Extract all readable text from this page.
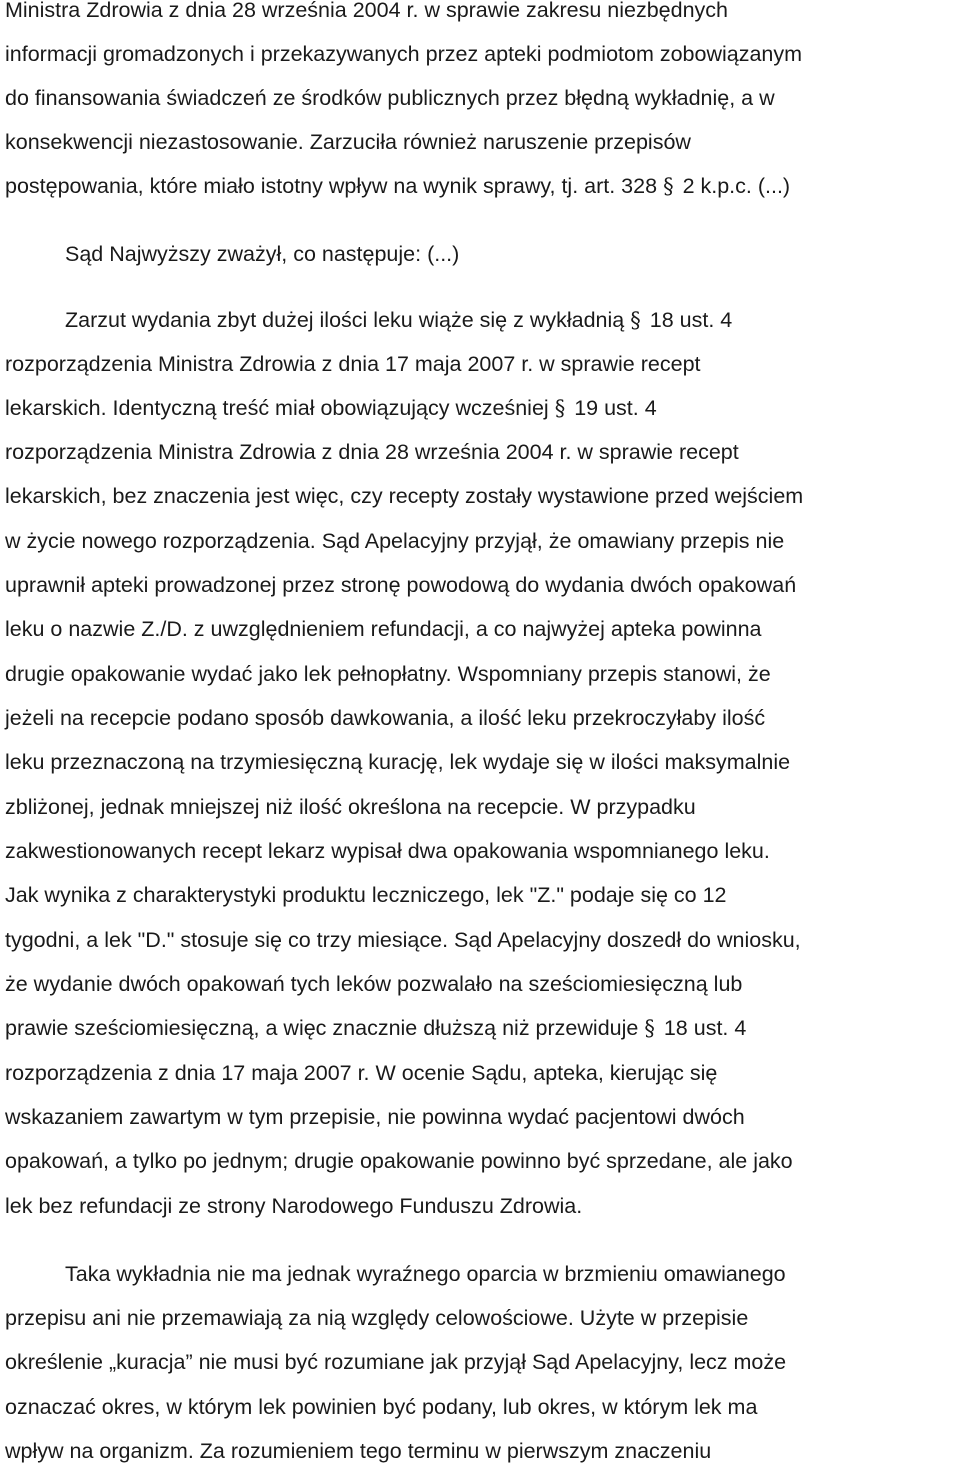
Ministra Zdrowia z dnia 28 września 2004 r. w sprawie zakresu niezbędnych
informacji gromadzonych i przekazywanych przez apteki podmiotom zobowiązanym
do finansowania świadczeń ze środków publicznych przez błędną wykładnię, a w
konsekwencji niezastosowanie. Zarzuciła również naruszenie przepisów
postępowania, które miało istotny wpływ na wynik sprawy, tj. art. 328 § 2 k.p.c. (...)
Sąd Najwyższy zważył, co następuje: (...)
Zarzut wydania zbyt dużej ilości leku wiąże się z wykładnią § 18 ust. 4
rozporządzenia Ministra Zdrowia z dnia 17 maja 2007 r. w sprawie recept
lekarskich. Identyczną treść miał obowiązujący wcześniej § 19 ust. 4
rozporządzenia Ministra Zdrowia z dnia 28 września 2004 r. w sprawie recept
lekarskich, bez znaczenia jest więc, czy recepty zostały wystawione przed wejściem
w życie nowego rozporządzenia. Sąd Apelacyjny przyjął, że omawiany przepis nie
uprawnił apteki prowadzonej przez stronę powodową do wydania dwóch opakowań
leku o nazwie Z./D. z uwzględnieniem refundacji, a co najwyżej apteka powinna
drugie opakowanie wydać jako lek pełnopłatny. Wspomniany przepis stanowi, że
jeżeli na recepcie podano sposób dawkowania, a ilość leku przekroczyłaby ilość
leku przeznaczoną na trzymiesięczną kurację, lek wydaje się w ilości maksymalnie
zbliżonej, jednak mniejszej niż ilość określona na recepcie. W przypadku
zakwestionowanych recept lekarz wypisał dwa opakowania wspomnianego leku.
Jak wynika z charakterystyki produktu leczniczego, lek "Z." podaje się co 12
tygodni, a lek "D." stosuje się co trzy miesiące. Sąd Apelacyjny doszedł do wniosku,
że wydanie dwóch opakowań tych leków pozwalało na sześciomiesięczną lub
prawie sześciomiesięczną, a więc znacznie dłuższą niż przewiduje § 18 ust. 4
rozporządzenia z dnia 17 maja 2007 r. W ocenie Sądu, apteka, kierując się
wskazaniem zawartym w tym przepisie, nie powinna wydać pacjentowi dwóch
opakowań, a tylko po jednym; drugie opakowanie powinno być sprzedane, ale jako
lek bez refundacji ze strony Narodowego Funduszu Zdrowia.
Taka wykładnia nie ma jednak wyraźnego oparcia w brzmieniu omawianego
przepisu ani nie przemawiają za nią względy celowościowe. Użyte w przepisie
określenie „kuracja” nie musi być rozumiane jak przyjął Sąd Apelacyjny, lecz może
oznaczać okres, w którym lek powinien być podany, lub okres, w którym lek ma
wpływ na organizm. Za rozumieniem tego terminu w pierwszym znaczeniu
